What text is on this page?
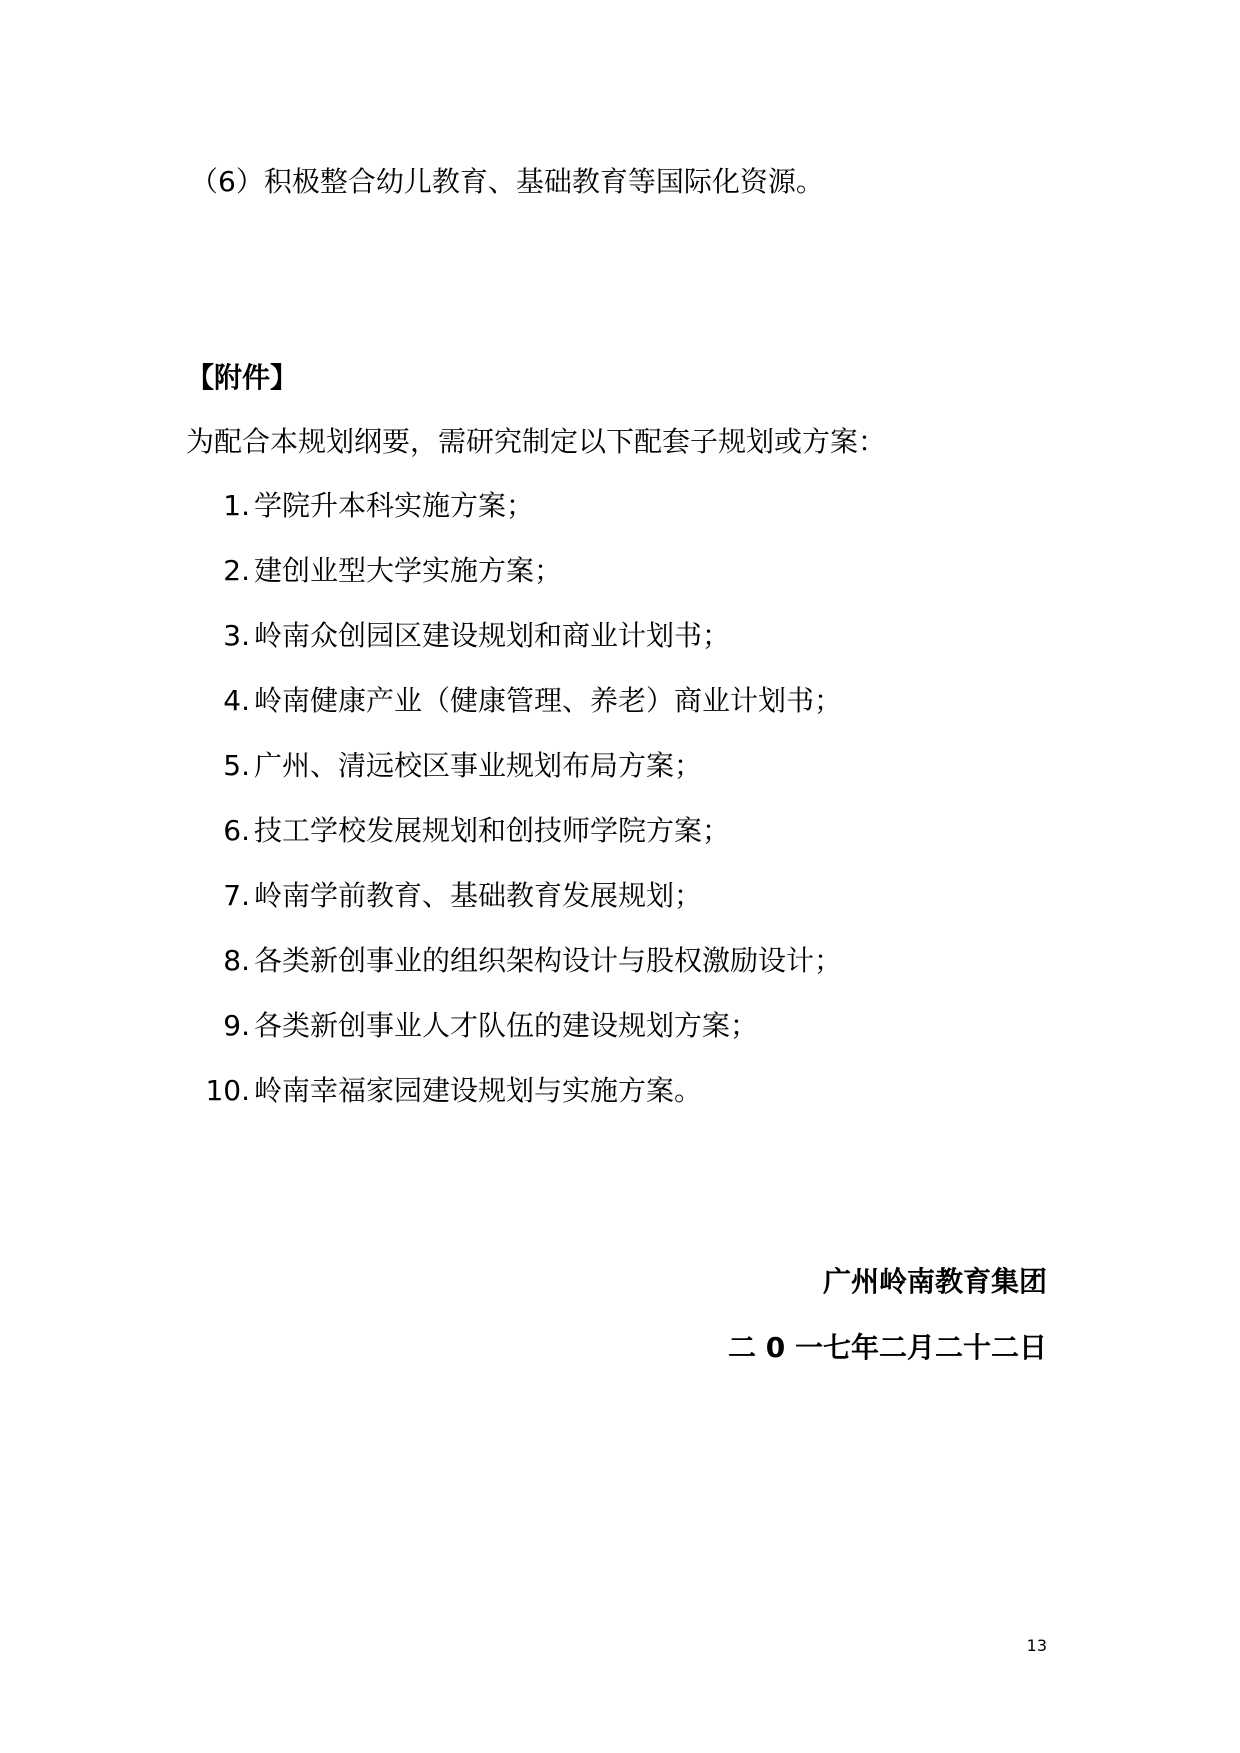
（6）积极整合幼儿教育、基础教育等国际化资源。
【附件】
为配合本规划纲要，需研究制定以下配套子规划或方案：
1. 学院升本科实施方案；
2. 建创业型大学实施方案；
3. 岭南众创园区建设规划和商业计划书；
4. 岭南健康产业（健康管理、养老）商业计划书；
5. 广州、清远校区事业规划布局方案；
6. 技工学校发展规划和创技师学院方案；
7. 岭南学前教育、基础教育发展规划；
8. 各类新创事业的组织架构设计与股权激励设计；
9. 各类新创事业人才队伍的建设规划方案；
10. 岭南幸福家园建设规划与实施方案。
广州岭南教育集团
二 0 一七年二月二十二日
13
